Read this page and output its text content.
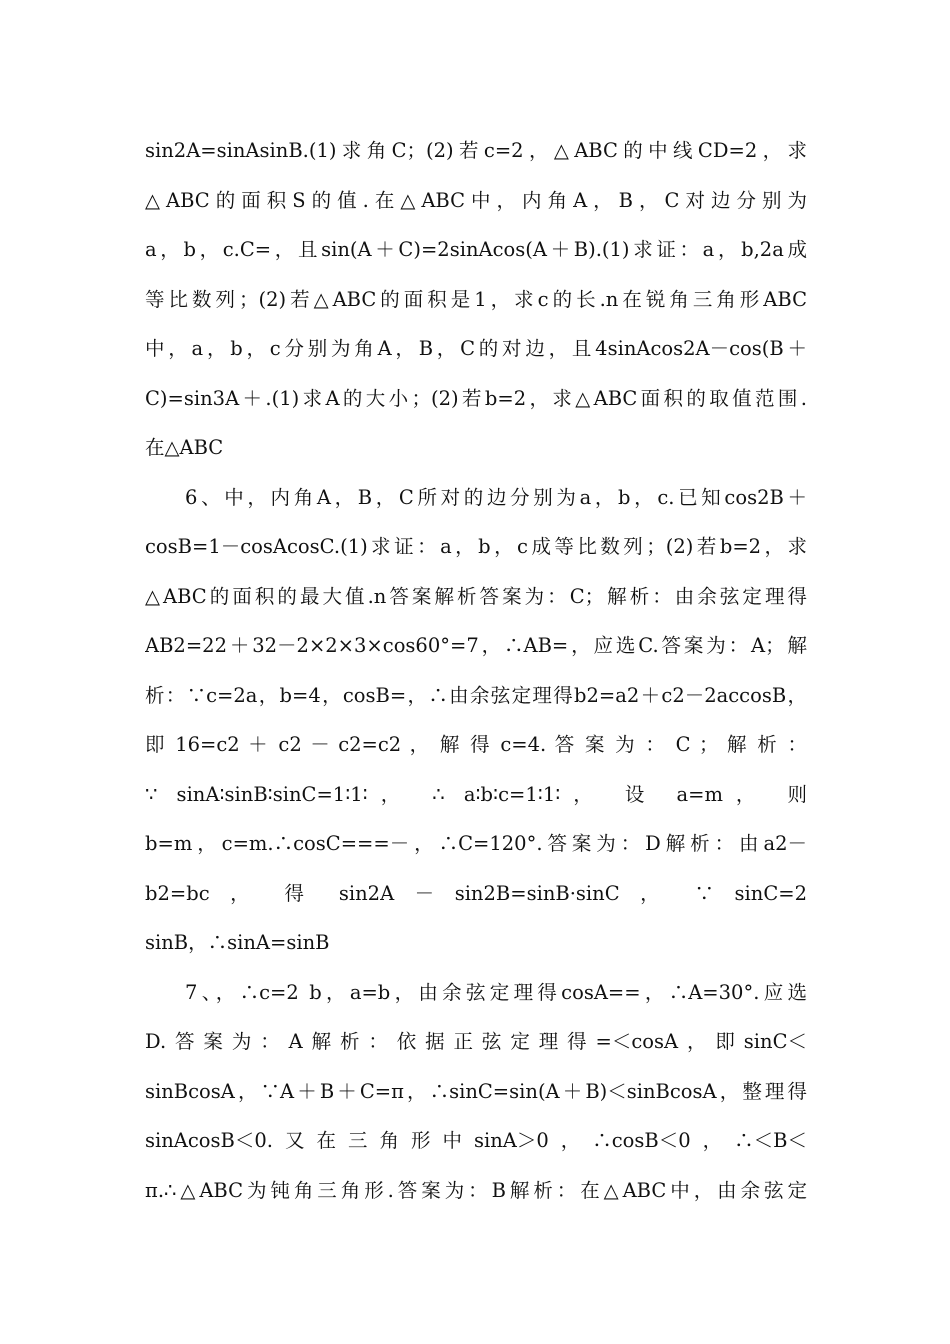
sin2A=sinAsinB.(1)求角C；(2)若c=2，△ABC的中线CD=2，求
△ABC的面积S的值.在△ABC中，内角A，B，C对边分别为
a，b，c.C=，且sin(A＋C)=2sinAcos(A＋B).(1)求证：a，b,2a成
等比数列；(2)若△ABC的面积是1，求c的长.n在锐角三角形ABC
中，a，b，c分别为角A，B，C的对边，且4sinAcos2A－cos(B＋
C)=sin3A＋.(1)求A的大小；(2)若b=2，求△ABC面积的取值范围.
在△ABC
6、中，内角A，B，C所对的边分别为a，b，c.已知cos2B＋
cosB=1－cosAcosC.(1)求证：a，b，c成等比数列；(2)若b=2，求
△ABC的面积的最大值.n答案解析答案为：C；解析：由余弦定理得
AB2=22＋32－2×2×3×cos60°=7，∴AB=，应选C.答案为：A；解
析：∵c=2a，b=4，cosB=，∴由余弦定理得b2=a2＋c2－2accosB，
即 16=c2 ＋ c2 － c2=c2 ， 解 得 c=4. 答 案 为 ： C ； 解 析 ：
∵ sinA∶sinB∶sinC=1∶1∶， ∴ a∶b∶c=1∶1∶， 设 a=m， 则
b=m，c=m.∴cosC===－，∴C=120°.答案为：D解析：由a2－
b2=bc ， 得 sin2A － sin2B=sinB·sinC ， ∵ sinC=2
sinB，∴sinA=sinB
7、，∴c=2 b，a=b，由余弦定理得cosA==，∴A=30°.应选
D.答案为：A解析：依据正弦定理得=＜cosA，即sinC＜
sinBcosA，∵A＋B＋C=π，∴sinC=sin(A＋B)＜sinBcosA，整理得
sinAcosB＜0.又在三角形中sinA＞0，∴cosB＜0，∴＜B＜
π.∴△ABC为钝角三角形.答案为：B解析：在△ABC中，由余弦定
